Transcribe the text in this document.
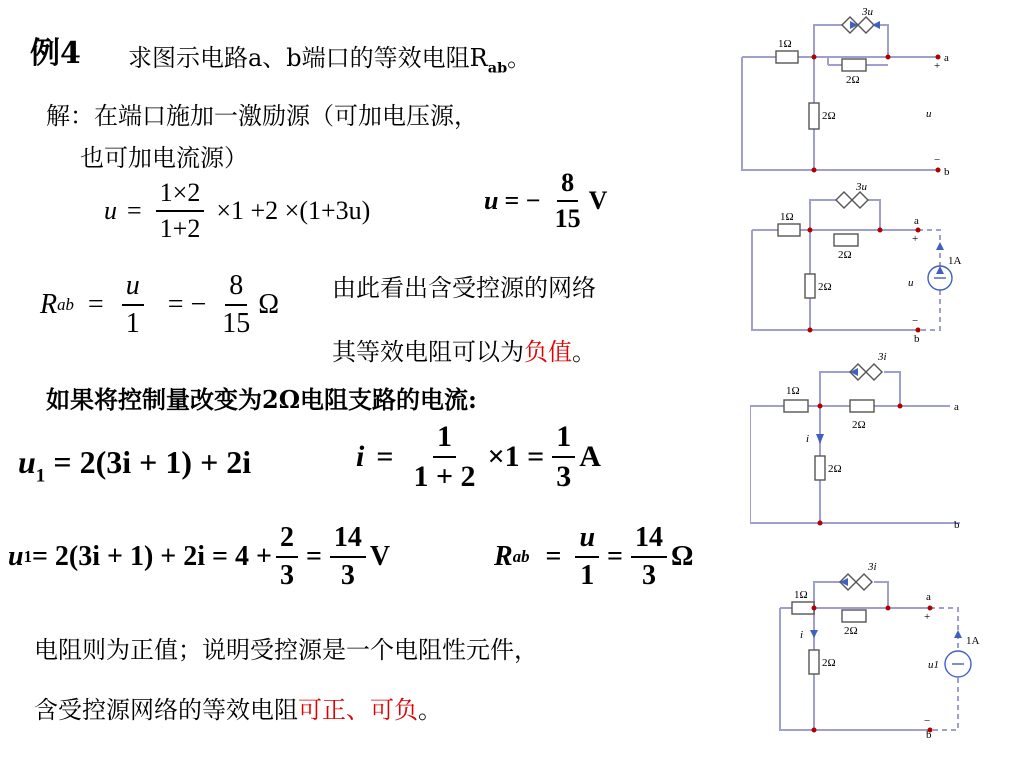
例4 求图示电路a、b端口的等效电阻$R_{ab}$。
解：在端口施加一激励源（可加电压源，
也可加电流源）
$u = \frac{1\times 2}{1+2} \times 1 +2 \times(1+3u)$	u = − $\frac{8}{15}$ V
R ab = $\frac{u}{1}$ = − $\frac{8}{15}$ Ω
由此看出含受控源的网络
其等效电阻可以为负值。
如果将控制量改变为2Ω电阻支路的电流:
$u_1 = 2(3i + 1) + 2i$	$i = \frac{1}{1 + 2} \times 1 = \frac{1}{3}$ A
u $1 = 2(3i + 1) + 2i = 4 + \frac{2}{3} = \frac{14}{3}$ V	R ab = $\frac{u}{1} = \frac{14}{3}$ Ω
电阻则为正值；说明受控源是一个电阻性元件，
含受控源网络的等效电阻可正、可负。
1Ω
2Ω
2Ω
3u
a
b
+
−
u
1Ω
2Ω
2Ω
3u
a
b
+
−
u
1A
1Ω
2Ω
2Ω
3i
a
b
i
1Ω
2Ω
2Ω
3i
a
b
+
−
i
u1
1A
